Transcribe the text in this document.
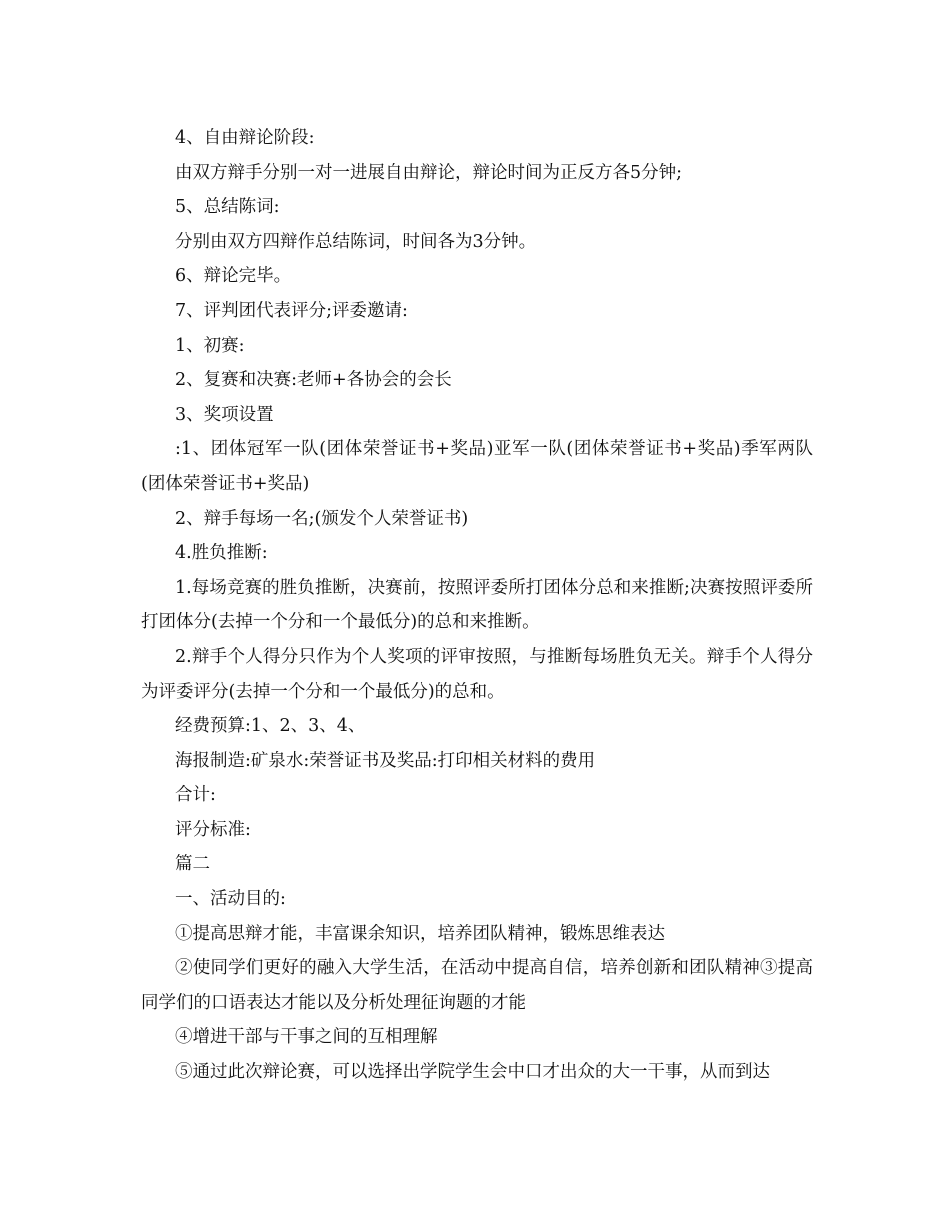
4、自由辩论阶段:

由双方辩手分别一对一进展自由辩论，辩论时间为正反方各5分钟;

5、总结陈词:

分别由双方四辩作总结陈词，时间各为3分钟。

6、辩论完毕。

7、评判团代表评分;评委邀请:

1、初赛:

2、复赛和决赛:老师+各协会的会长

3、奖项设置

:1、团体冠军一队(团体荣誉证书+奖品)亚军一队(团体荣誉证书+奖品)季军两队(团体荣誉证书+奖品)

2、辩手每场一名;(颁发个人荣誉证书)

4.胜负推断:

1.每场竞赛的胜负推断，决赛前，按照评委所打团体分总和来推断;决赛按照评委所打团体分(去掉一个分和一个最低分)的总和来推断。

2.辩手个人得分只作为个人奖项的评审按照，与推断每场胜负无关。辩手个人得分为评委评分(去掉一个分和一个最低分)的总和。

经费预算:1、2、3、4、

海报制造:矿泉水:荣誉证书及奖品:打印相关材料的费用

合计:

评分标准:

篇二

一、活动目的:

①提高思辩才能，丰富课余知识，培养团队精神，锻炼思维表达

②使同学们更好的融入大学生活，在活动中提高自信，培养创新和团队精神③提高同学们的口语表达才能以及分析处理征询题的才能

④增进干部与干事之间的互相理解

⑤通过此次辩论赛，可以选择出学院学生会中口才出众的大一干事，从而到达
